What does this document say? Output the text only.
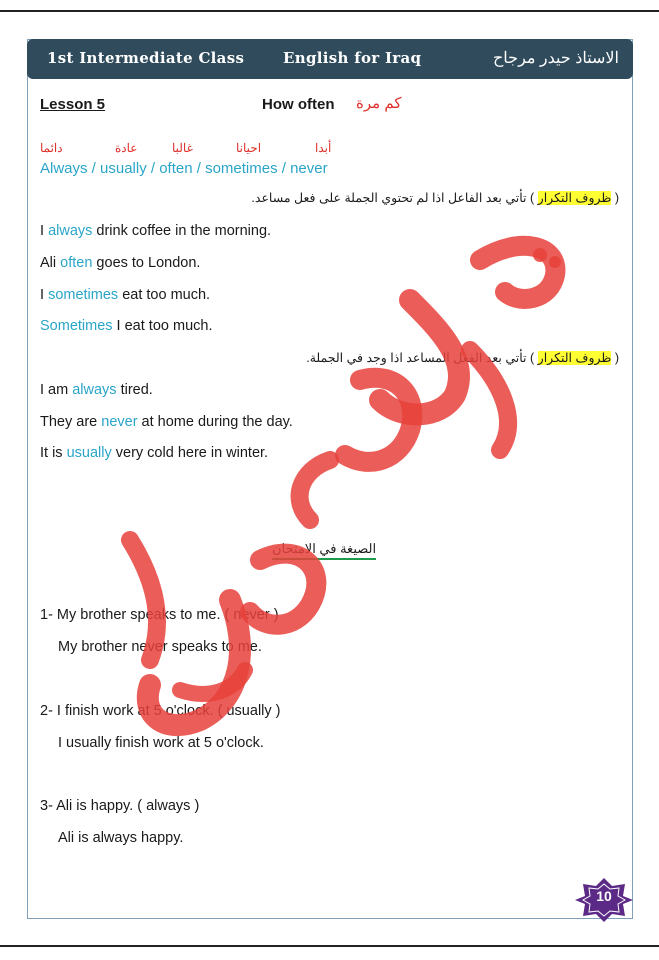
1st Intermediate Class	English for Iraq	الاستاذ حيدر مرجاح
Lesson 5	How often كم مرة
دائما	عادة	غالبا	احيانا	أبدا
Always / usually / often / sometimes / never
( ظروف التكرار ) تأتي بعد الفاعل اذا لم تحتوي الجملة على فعل مساعد.
I always drink coffee in the morning.
Ali often goes to London.
I sometimes eat too much.
Sometimes I eat too much.
( ظروف التكرار ) تأتي بعد الفعل المساعد اذا وجد في الجملة.
I am always tired.
They are never at home during the day.
It is usually very cold here in winter.
الصيغة في الامتحان
1- My brother speaks to me. ( never )
My brother never speaks to me.
2- I finish work at 5 o'clock. ( usually )
I usually finish work at 5 o'clock.
3- Ali is happy. ( always )
Ali is always happy.
10
